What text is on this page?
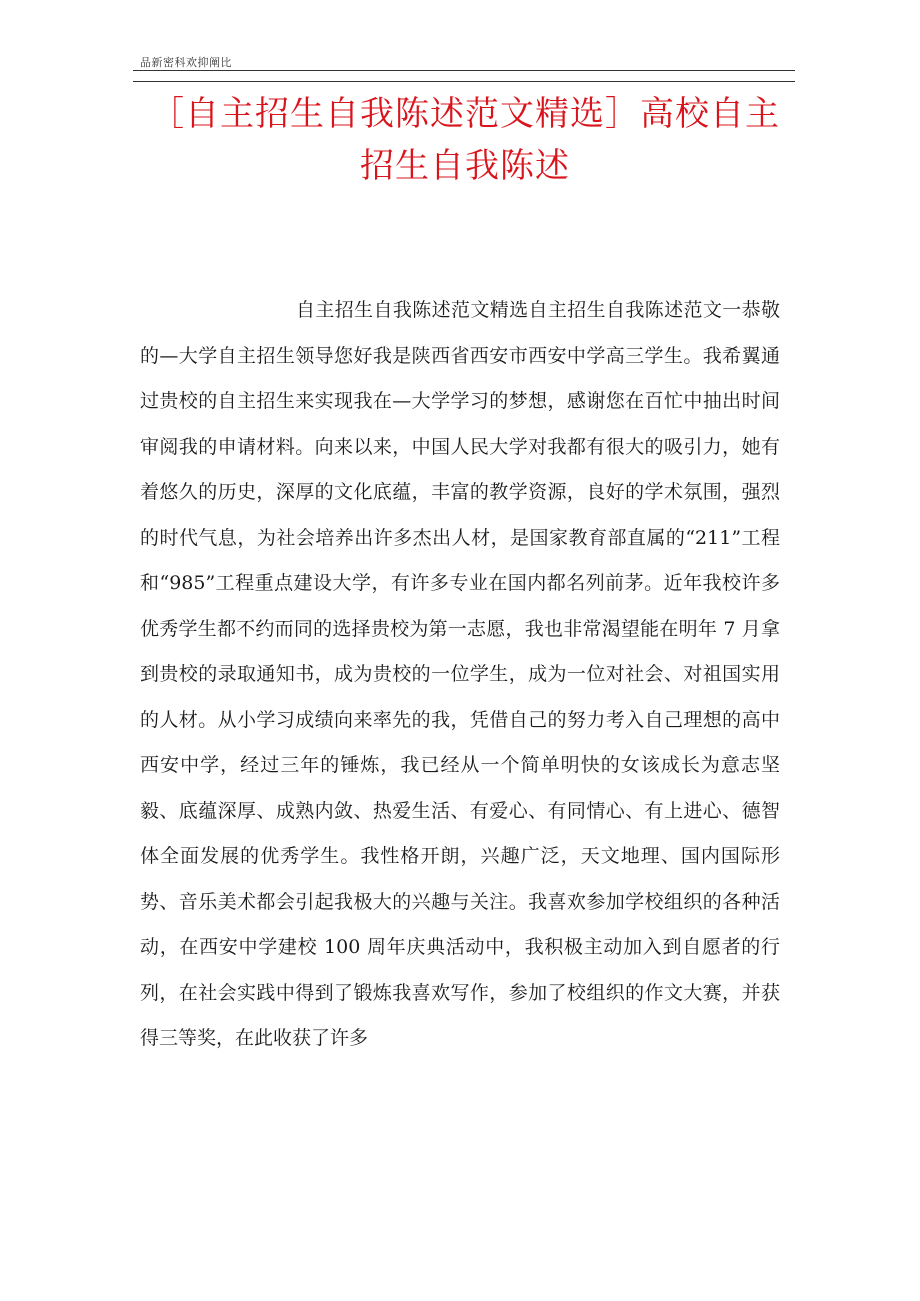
品新密科欢抑阐比
［自主招生自我陈述范文精选］高校自主招生自我陈述
自主招生自我陈述范文精选自主招生自我陈述范文一恭敬的—大学自主招生领导您好我是陕西省西安市西安中学高三学生。我希翼通过贵校的自主招生来实现我在—大学学习的梦想，感谢您在百忙中抽出时间审阅我的申请材料。向来以来，中国人民大学对我都有很大的吸引力，她有着悠久的历史，深厚的文化底蕴，丰富的教学资源，良好的学术氛围，强烈的时代气息，为社会培养出许多杰出人材，是国家教育部直属的“211”工程和“985”工程重点建设大学，有许多专业在国内都名列前茅。近年我校许多优秀学生都不约而同的选择贵校为第一志愿，我也非常渴望能在明年 7 月拿到贵校的录取通知书，成为贵校的一位学生，成为一位对社会、对祖国实用的人材。从小学习成绩向来率先的我，凭借自己的努力考入自己理想的高中西安中学，经过三年的锤炼，我已经从一个简单明快的女该成长为意志坚毅、底蕴深厚、成熟内敛、热爱生活、有爱心、有同情心、有上进心、德智体全面发展的优秀学生。我性格开朗，兴趣广泛，天文地理、国内国际形势、音乐美术都会引起我极大的兴趣与关注。我喜欢参加学校组织的各种活动，在西安中学建校 100 周年庆典活动中，我积极主动加入到自愿者的行列，在社会实践中得到了锻炼我喜欢写作，参加了校组织的作文大赛，并获得三等奖，在此收获了许多
